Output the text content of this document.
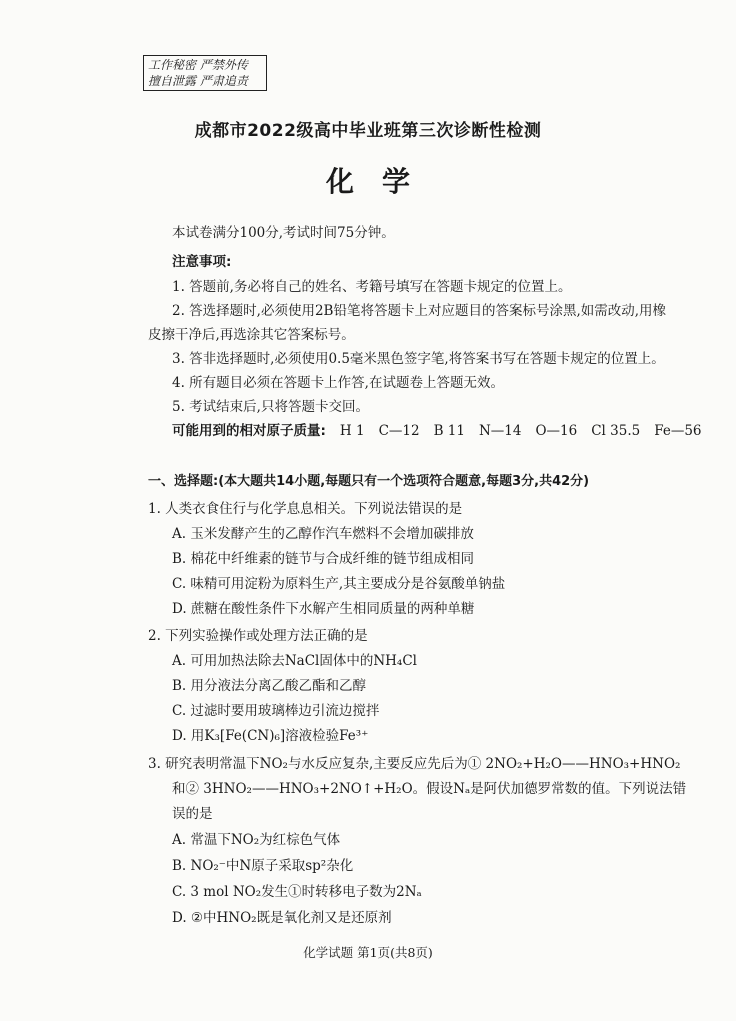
工作秘密 严禁外传
擅自泄露 严肃追责
成都市2022级高中毕业班第三次诊断性检测
化学
本试卷满分100分,考试时间75分钟。
注意事项:
1. 答题前,务必将自己的姓名、考籍号填写在答题卡规定的位置上。
2. 答选择题时,必须使用2B铅笔将答题卡上对应题目的答案标号涂黑,如需改动,用橡
皮擦干净后,再选涂其它答案标号。
3. 答非选择题时,必须使用0.5毫米黑色签字笔,将答案书写在答题卡规定的位置上。
4. 所有题目必须在答题卡上作答,在试题卷上答题无效。
5. 考试结束后,只将答题卡交回。
可能用到的相对原子质量: H 1 C—12 B 11 N—14 O—16 Cl 35.5 Fe—56
一、选择题:(本大题共14小题,每题只有一个选项符合题意,每题3分,共42分)
1. 人类衣食住行与化学息息相关。下列说法错误的是
A. 玉米发酵产生的乙醇作汽车燃料不会增加碳排放
B. 棉花中纤维素的链节与合成纤维的链节组成相同
C. 味精可用淀粉为原料生产,其主要成分是谷氨酸单钠盐
D. 蔗糖在酸性条件下水解产生相同质量的两种单糖
2. 下列实验操作或处理方法正确的是
A. 可用加热法除去NaCl固体中的NH₄Cl
B. 用分液法分离乙酸乙酯和乙醇
C. 过滤时要用玻璃棒边引流边搅拌
D. 用K₃[Fe(CN)₆]溶液检验Fe³⁺
3. 研究表明常温下NO₂与水反应复杂,主要反应先后为① 2NO₂+H₂O——HNO₃+HNO₂
和② 3HNO₂——HNO₃+2NO↑+H₂O。假设Nₐ是阿伏加德罗常数的值。下列说法错
误的是
A. 常温下NO₂为红棕色气体
B. NO₂⁻中N原子采取sp²杂化
C. 3 mol NO₂发生①时转移电子数为2Nₐ
D. ②中HNO₂既是氧化剂又是还原剂
化学试题 第1页(共8页)
